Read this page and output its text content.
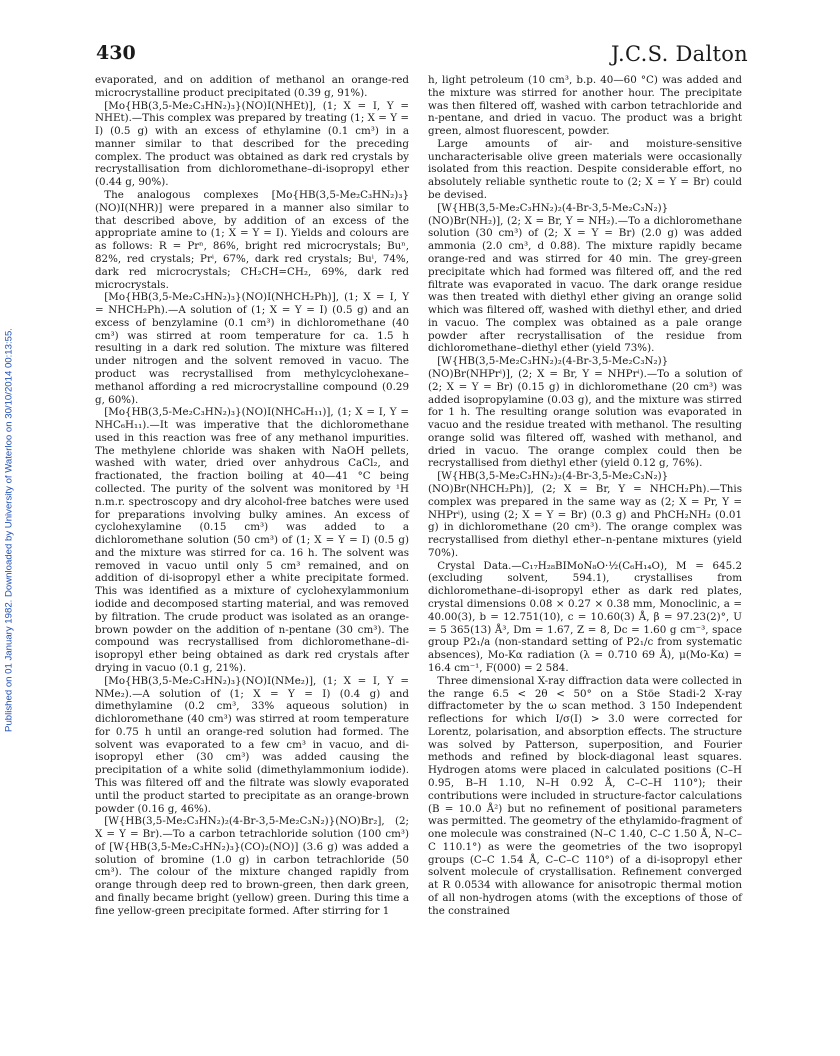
430	J.C.S. Dalton
Published on 01 January 1982. Downloaded by University of Waterloo on 30/10/2014 00:13:55.

evaporated, and on addition of methanol an orange-red microcrystalline product precipitated (0.39 g, 91%).

[Mo{HB(3,5-Me₂C₃HN₂)₃}(NO)I(NHEt)], (1; X = I, Y = NHEt).—This complex was prepared by treating (1; X = Y = I) (0.5 g) with an excess of ethylamine (0.1 cm³) in a manner similar to that described for the preceding complex. The product was obtained as dark red crystals by recrystallisation from dichloromethane–di-isopropyl ether (0.44 g, 90%).

The analogous complexes [Mo{HB(3,5-Me₂C₃HN₂)₃}(NO)I(NHR)] were prepared in a manner also similar to that described above, by addition of an excess of the appropriate amine to (1; X = Y = I). Yields and colours are as follows: R = Prⁿ, 86%, bright red microcrystals; Buⁿ, 82%, red crystals; Prⁱ, 67%, dark red crystals; Buⁱ, 74%, dark red microcrystals; CH₂CH=CH₂, 69%, dark red microcrystals.

[Mo{HB(3,5-Me₂C₃HN₂)₃}(NO)I(NHCH₂Ph)], (1; X = I, Y = NHCH₂Ph).—A solution of (1; X = Y = I) (0.5 g) and an excess of benzylamine (0.1 cm³) in dichloromethane (40 cm³) was stirred at room temperature for ca. 1.5 h resulting in a dark red solution. The mixture was filtered under nitrogen and the solvent removed in vacuo. The product was recrystallised from methylcyclohexane–methanol affording a red microcrystalline compound (0.29 g, 60%).

[Mo{HB(3,5-Me₂C₃HN₂)₃}(NO)I(NHC₆H₁₁)], (1; X = I, Y = NHC₆H₁₁).—It was imperative that the dichloromethane used in this reaction was free of any methanol impurities. The methylene chloride was shaken with NaOH pellets, washed with water, dried over anhydrous CaCl₂, and fractionated, the fraction boiling at 40—41 °C being collected. The purity of the solvent was monitored by ¹H n.m.r. spectroscopy and dry alcohol-free batches were used for preparations involving bulky amines. An excess of cyclohexylamine (0.15 cm³) was added to a dichloromethane solution (50 cm³) of (1; X = Y = I) (0.5 g) and the mixture was stirred for ca. 16 h. The solvent was removed in vacuo until only 5 cm³ remained, and on addition of di-isopropyl ether a white precipitate formed. This was identified as a mixture of cyclohexylammonium iodide and decomposed starting material, and was removed by filtration. The crude product was isolated as an orange-brown powder on the addition of n-pentane (30 cm³). The compound was recrystallised from dichloromethane–di-isopropyl ether being obtained as dark red crystals after drying in vacuo (0.1 g, 21%).

[Mo{HB(3,5-Me₂C₃HN₂)₃}(NO)I(NMe₂)], (1; X = I, Y = NMe₂).—A solution of (1; X = Y = I) (0.4 g) and dimethylamine (0.2 cm³, 33% aqueous solution) in dichloromethane (40 cm³) was stirred at room temperature for 0.75 h until an orange-red solution had formed. The solvent was evaporated to a few cm³ in vacuo, and di-isopropyl ether (30 cm³) was added causing the precipitation of a white solid (dimethylammonium iodide). This was filtered off and the filtrate was slowly evaporated until the product started to precipitate as an orange-brown powder (0.16 g, 46%).

[W{HB(3,5-Me₂C₃HN₂)₂(4-Br-3,5-Me₂C₃N₂)}(NO)Br₂], (2; X = Y = Br).—To a carbon tetrachloride solution (100 cm³) of [W{HB(3,5-Me₂C₃HN₂)₃}(CO)₂(NO)] (3.6 g) was added a solution of bromine (1.0 g) in carbon tetrachloride (50 cm³). The colour of the mixture changed rapidly from orange through deep red to brown-green, then dark green, and finally became bright (yellow) green. During this time a fine yellow-green precipitate formed. After stirring for 1

h, light petroleum (10 cm³, b.p. 40—60 °C) was added and the mixture was stirred for another hour. The precipitate was then filtered off, washed with carbon tetrachloride and n-pentane, and dried in vacuo. The product was a bright green, almost fluorescent, powder.

Large amounts of air- and moisture-sensitive uncharacterisable olive green materials were occasionally isolated from this reaction. Despite considerable effort, no absolutely reliable synthetic route to (2; X = Y = Br) could be devised.

[W{HB(3,5-Me₂C₃HN₂)₂(4-Br-3,5-Me₂C₃N₂)}(NO)Br(NH₂)], (2; X = Br, Y = NH₂).—To a dichloromethane solution (30 cm³) of (2; X = Y = Br) (2.0 g) was added ammonia (2.0 cm³, d 0.88). The mixture rapidly became orange-red and was stirred for 40 min. The grey-green precipitate which had formed was filtered off, and the red filtrate was evaporated in vacuo. The dark orange residue was then treated with diethyl ether giving an orange solid which was filtered off, washed with diethyl ether, and dried in vacuo. The complex was obtained as a pale orange powder after recrystallisation of the residue from dichloromethane–diethyl ether (yield 73%).

[W{HB(3,5-Me₂C₃HN₂)₂(4-Br-3,5-Me₂C₃N₂)}(NO)Br(NHPrⁱ)], (2; X = Br, Y = NHPrⁱ).—To a solution of (2; X = Y = Br) (0.15 g) in dichloromethane (20 cm³) was added isopropylamine (0.03 g), and the mixture was stirred for 1 h. The resulting orange solution was evaporated in vacuo and the residue treated with methanol. The resulting orange solid was filtered off, washed with methanol, and dried in vacuo. The orange complex could then be recrystallised from diethyl ether (yield 0.12 g, 76%).

[W{HB(3,5-Me₂C₃HN₂)₂(4-Br-3,5-Me₂C₃N₂)}(NO)Br(NHCH₂Ph)], (2; X = Br, Y = NHCH₂Ph).—This complex was prepared in the same way as (2; X = Pr, Y = NHPrⁱ), using (2; X = Y = Br) (0.3 g) and PhCH₂NH₂ (0.01 g) in dichloromethane (20 cm³). The orange complex was recrystallised from diethyl ether–n-pentane mixtures (yield 70%).

Crystal Data.—C₁₇H₂₈BIMoN₈O·½(C₆H₁₄O), M = 645.2 (excluding solvent, 594.1), crystallises from dichloromethane–di-isopropyl ether as dark red plates, crystal dimensions 0.08 × 0.27 × 0.38 mm, Monoclinic, a = 40.00(3), b = 12.751(10), c = 10.60(3) Å, β = 97.23(2)°, U = 5 365(13) Å³, Dm = 1.67, Z = 8, Dc = 1.60 g cm⁻³, space group P2₁/a (non-standard setting of P2₁/c from systematic absences), Mo-Kα radiation (λ = 0.710 69 Å), μ(Mo-Kα) = 16.4 cm⁻¹, F(000) = 2 584.

Three dimensional X-ray diffraction data were collected in the range 6.5 < 2θ < 50° on a Stöe Stadi-2 X-ray diffractometer by the ω scan method. 3 150 Independent reflections for which I/σ(I) > 3.0 were corrected for Lorentz, polarisation, and absorption effects. The structure was solved by Patterson, superposition, and Fourier methods and refined by block-diagonal least squares. Hydrogen atoms were placed in calculated positions (C–H 0.95, B–H 1.10, N–H 0.92 Å, C–C–H 110°); their contributions were included in structure-factor calculations (B = 10.0 Å²) but no refinement of positional parameters was permitted. The geometry of the ethylamido-fragment of one molecule was constrained (N–C 1.40, C–C 1.50 Å, N–C–C 110.1°) as were the geometries of the two isopropyl groups (C–C 1.54 Å, C–C–C 110°) of a di-isopropyl ether solvent molecule of crystallisation. Refinement converged at R 0.0534 with allowance for anisotropic thermal motion of all non-hydrogen atoms (with the exceptions of those of the constrained
